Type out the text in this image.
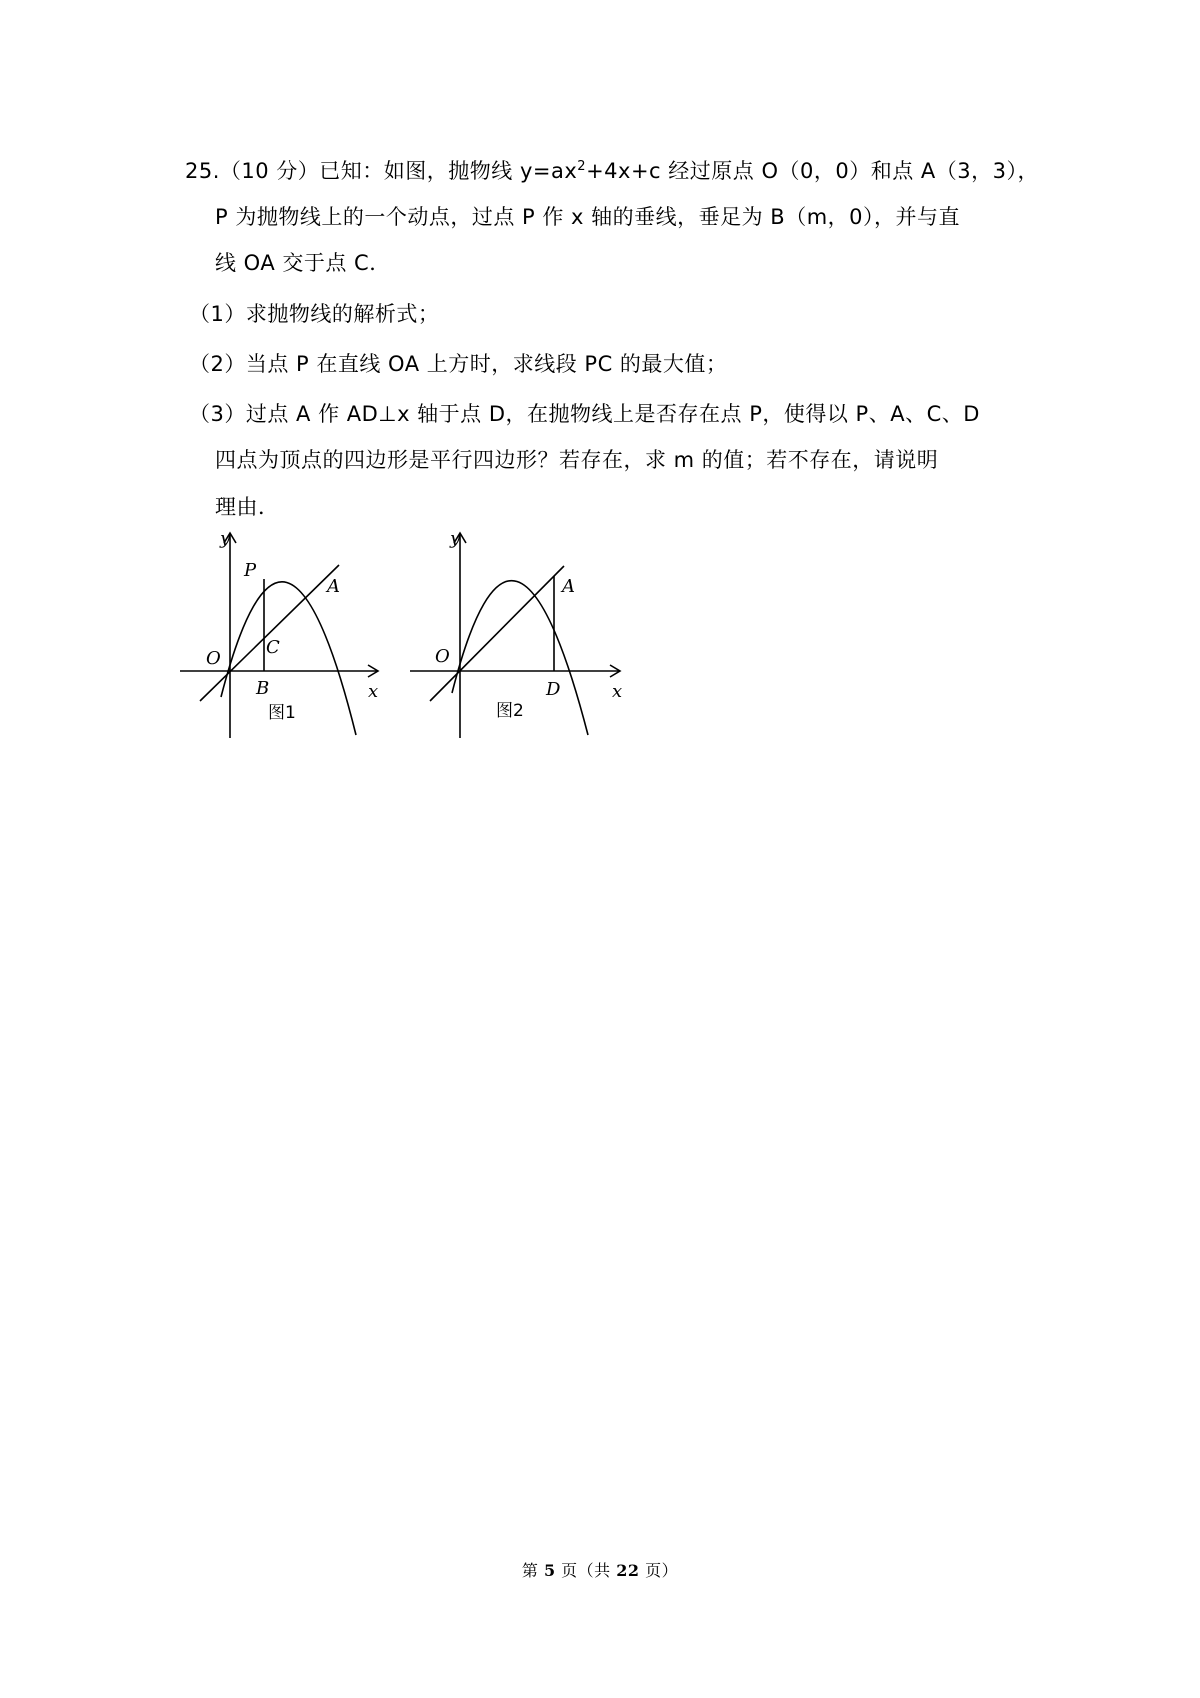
25.（10 分）已知：如图，抛物线 $y=ax^2+4x+c$ 经过原点 O（0，0）和点 A（3，3），
P 为抛物线上的一个动点，过点 P 作 x 轴的垂线，垂足为 B（m，0），并与直
线 OA 交于点 C．
（1）求抛物线的解析式；
（2）当点 P 在直线 OA 上方时，求线段 PC 的最大值；
（3）过点 A 作 AD⊥x 轴于点 D，在抛物线上是否存在点 P，使得以 P、A、C、D
四点为顶点的四边形是平行四边形？若存在，求 m 的值；若不存在，请说明
理由．
y
x
O
P
A
C
B
图1
y
x
O
A
D
图2
第 5 页（共 22 页）
